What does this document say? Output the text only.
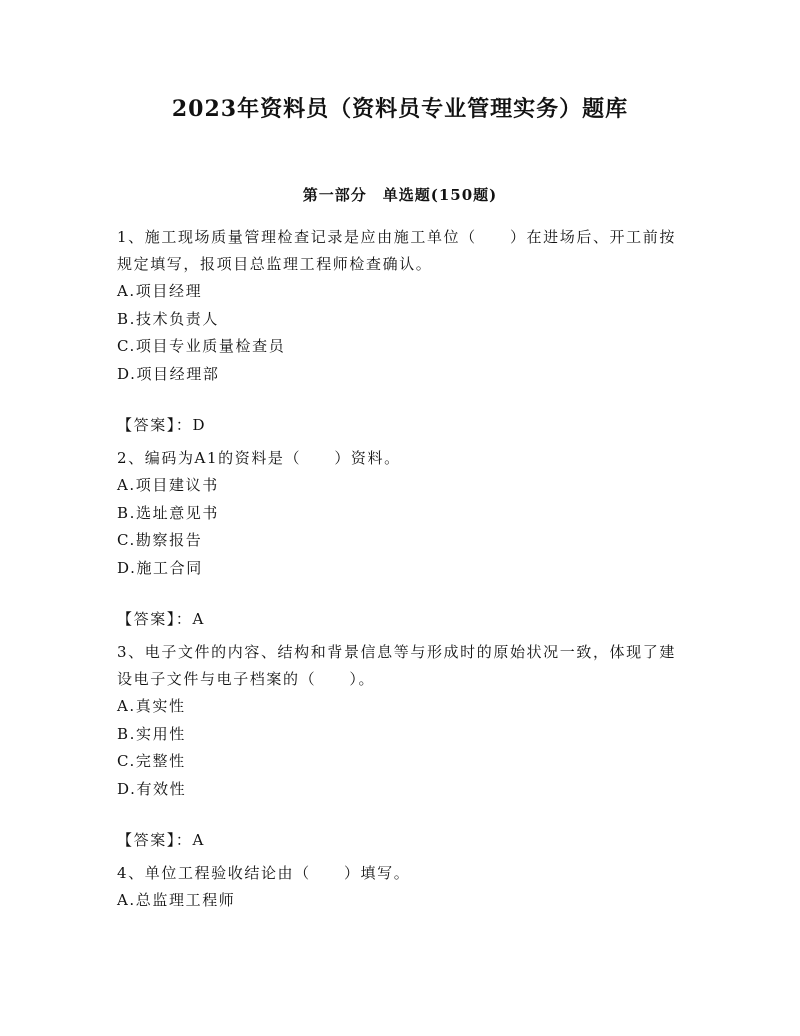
2023年资料员（资料员专业管理实务）题库
第一部分　单选题(150题)
1、施工现场质量管理检查记录是应由施工单位（　　）在进场后、开工前按规定填写，报项目总监理工程师检查确认。
A.项目经理
B.技术负责人
C.项目专业质量检查员
D.项目经理部
【答案】：D
2、编码为A1的资料是（　　）资料。
A.项目建议书
B.选址意见书
C.勘察报告
D.施工合同
【答案】：A
3、电子文件的内容、结构和背景信息等与形成时的原始状况一致，体现了建设电子文件与电子档案的（　　）。
A.真实性
B.实用性
C.完整性
D.有效性
【答案】：A
4、单位工程验收结论由（　　）填写。
A.总监理工程师
